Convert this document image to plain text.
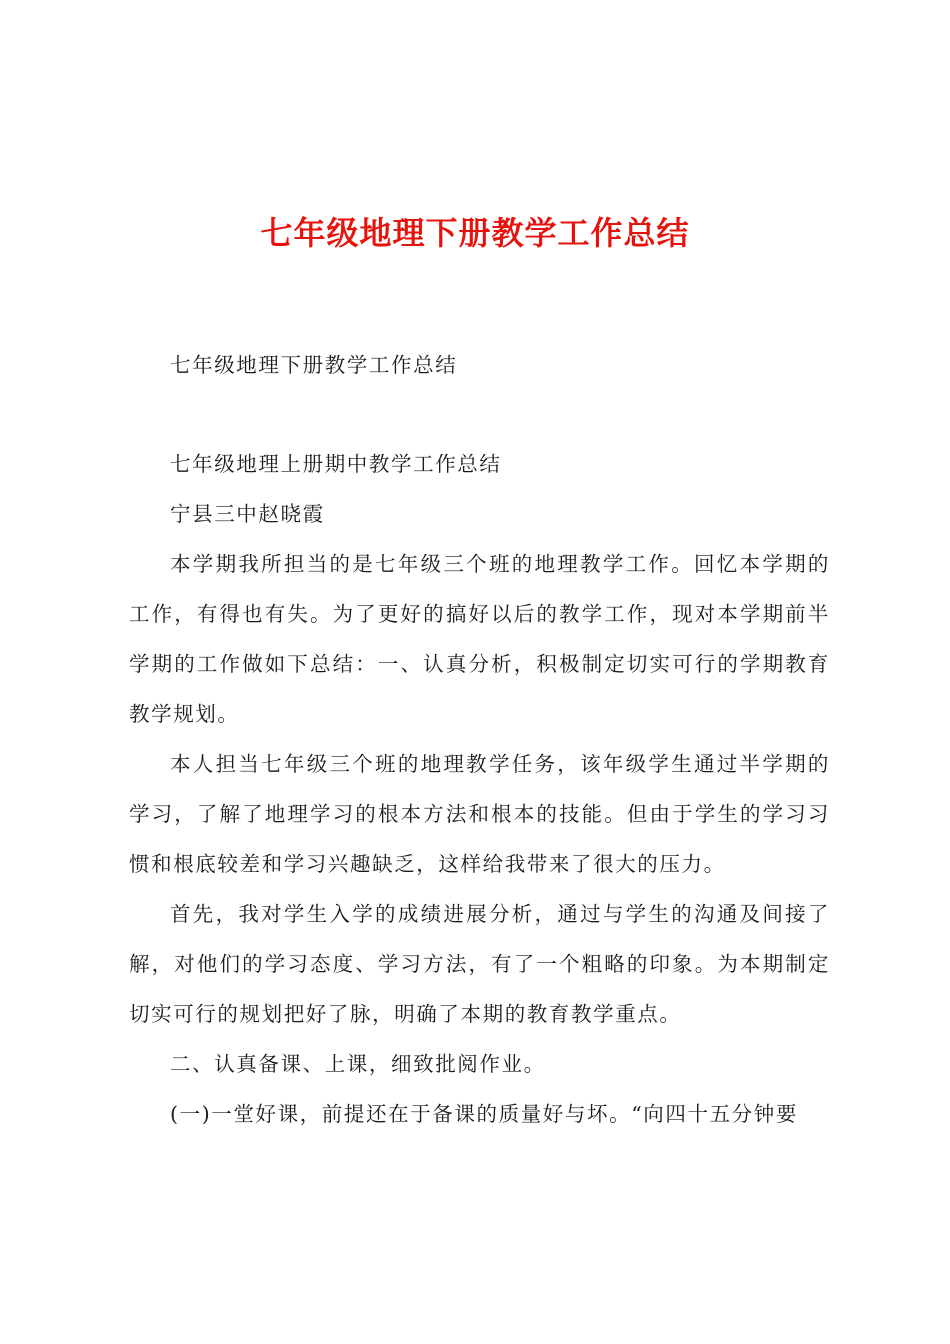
七年级地理下册教学工作总结

七年级地理下册教学工作总结

七年级地理上册期中教学工作总结

宁县三中赵晓霞

本学期我所担当的是七年级三个班的地理教学工作。回忆本学期的工作，有得也有失。为了更好的搞好以后的教学工作，现对本学期前半学期的工作做如下总结：一、认真分析，积极制定切实可行的学期教育教学规划。

本人担当七年级三个班的地理教学任务，该年级学生通过半学期的学习，了解了地理学习的根本方法和根本的技能。但由于学生的学习习惯和根底较差和学习兴趣缺乏，这样给我带来了很大的压力。

首先，我对学生入学的成绩进展分析，通过与学生的沟通及间接了解，对他们的学习态度、学习方法，有了一个粗略的印象。为本期制定切实可行的规划把好了脉，明确了本期的教育教学重点。

二、认真备课、上课，细致批阅作业。

(一)一堂好课，前提还在于备课的质量好与坏。“向四十五分钟要
